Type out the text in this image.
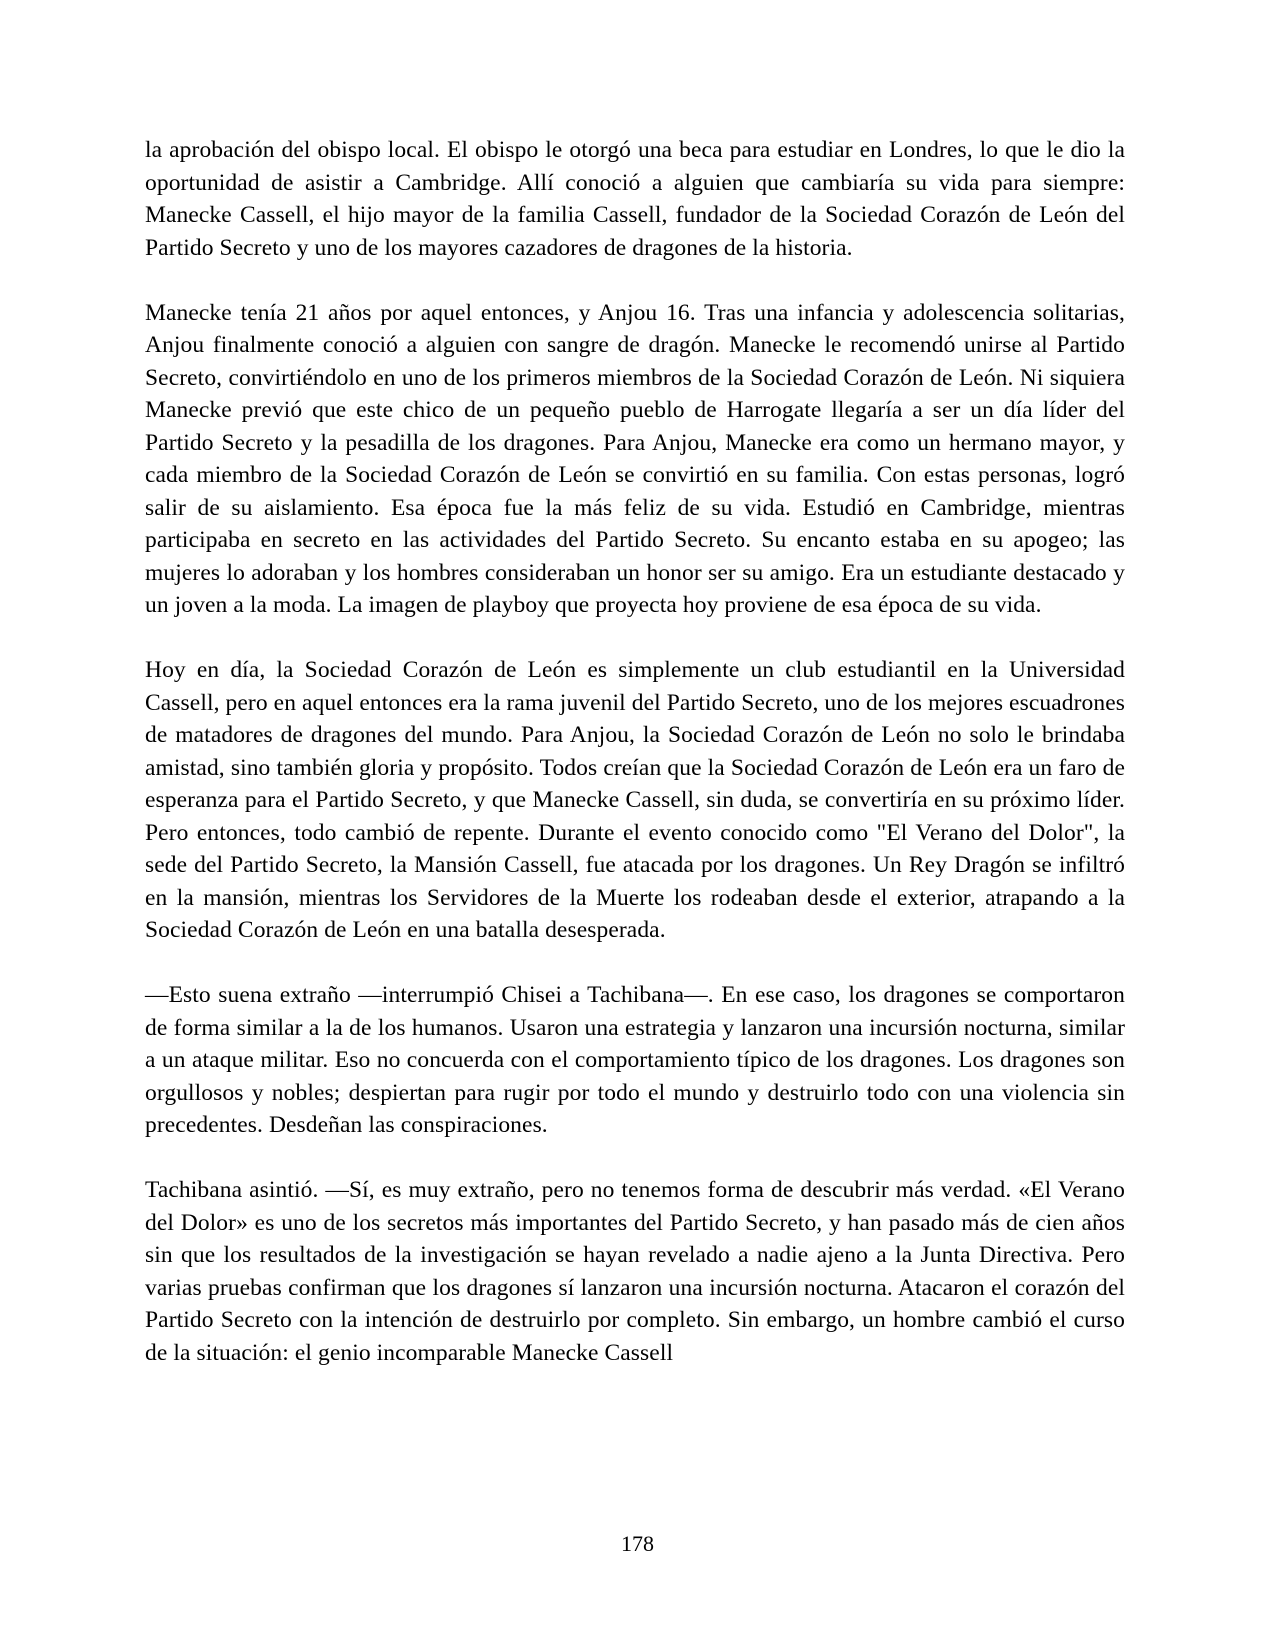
la aprobación del obispo local. El obispo le otorgó una beca para estudiar en Londres, lo que le dio la oportunidad de asistir a Cambridge. Allí conoció a alguien que cambiaría su vida para siempre: Manecke Cassell, el hijo mayor de la familia Cassell, fundador de la Sociedad Corazón de León del Partido Secreto y uno de los mayores cazadores de dragones de la historia.

Manecke tenía 21 años por aquel entonces, y Anjou 16. Tras una infancia y adolescencia solitarias, Anjou finalmente conoció a alguien con sangre de dragón. Manecke le recomendó unirse al Partido Secreto, convirtiéndolo en uno de los primeros miembros de la Sociedad Corazón de León. Ni siquiera Manecke previó que este chico de un pequeño pueblo de Harrogate llegaría a ser un día líder del Partido Secreto y la pesadilla de los dragones. Para Anjou, Manecke era como un hermano mayor, y cada miembro de la Sociedad Corazón de León se convirtió en su familia. Con estas personas, logró salir de su aislamiento. Esa época fue la más feliz de su vida. Estudió en Cambridge, mientras participaba en secreto en las actividades del Partido Secreto. Su encanto estaba en su apogeo; las mujeres lo adoraban y los hombres consideraban un honor ser su amigo. Era un estudiante destacado y un joven a la moda. La imagen de playboy que proyecta hoy proviene de esa época de su vida.

Hoy en día, la Sociedad Corazón de León es simplemente un club estudiantil en la Universidad Cassell, pero en aquel entonces era la rama juvenil del Partido Secreto, uno de los mejores escuadrones de matadores de dragones del mundo. Para Anjou, la Sociedad Corazón de León no solo le brindaba amistad, sino también gloria y propósito. Todos creían que la Sociedad Corazón de León era un faro de esperanza para el Partido Secreto, y que Manecke Cassell, sin duda, se convertiría en su próximo líder. Pero entonces, todo cambió de repente. Durante el evento conocido como "El Verano del Dolor", la sede del Partido Secreto, la Mansión Cassell, fue atacada por los dragones. Un Rey Dragón se infiltró en la mansión, mientras los Servidores de la Muerte los rodeaban desde el exterior, atrapando a la Sociedad Corazón de León en una batalla desesperada.

—Esto suena extraño —interrumpió Chisei a Tachibana—. En ese caso, los dragones se comportaron de forma similar a la de los humanos. Usaron una estrategia y lanzaron una incursión nocturna, similar a un ataque militar. Eso no concuerda con el comportamiento típico de los dragones. Los dragones son orgullosos y nobles; despiertan para rugir por todo el mundo y destruirlo todo con una violencia sin precedentes. Desdeñan las conspiraciones.

Tachibana asintió. —Sí, es muy extraño, pero no tenemos forma de descubrir más verdad. «El Verano del Dolor» es uno de los secretos más importantes del Partido Secreto, y han pasado más de cien años sin que los resultados de la investigación se hayan revelado a nadie ajeno a la Junta Directiva. Pero varias pruebas confirman que los dragones sí lanzaron una incursión nocturna. Atacaron el corazón del Partido Secreto con la intención de destruirlo por completo. Sin embargo, un hombre cambió el curso de la situación: el genio incomparable Manecke Cassell

178
